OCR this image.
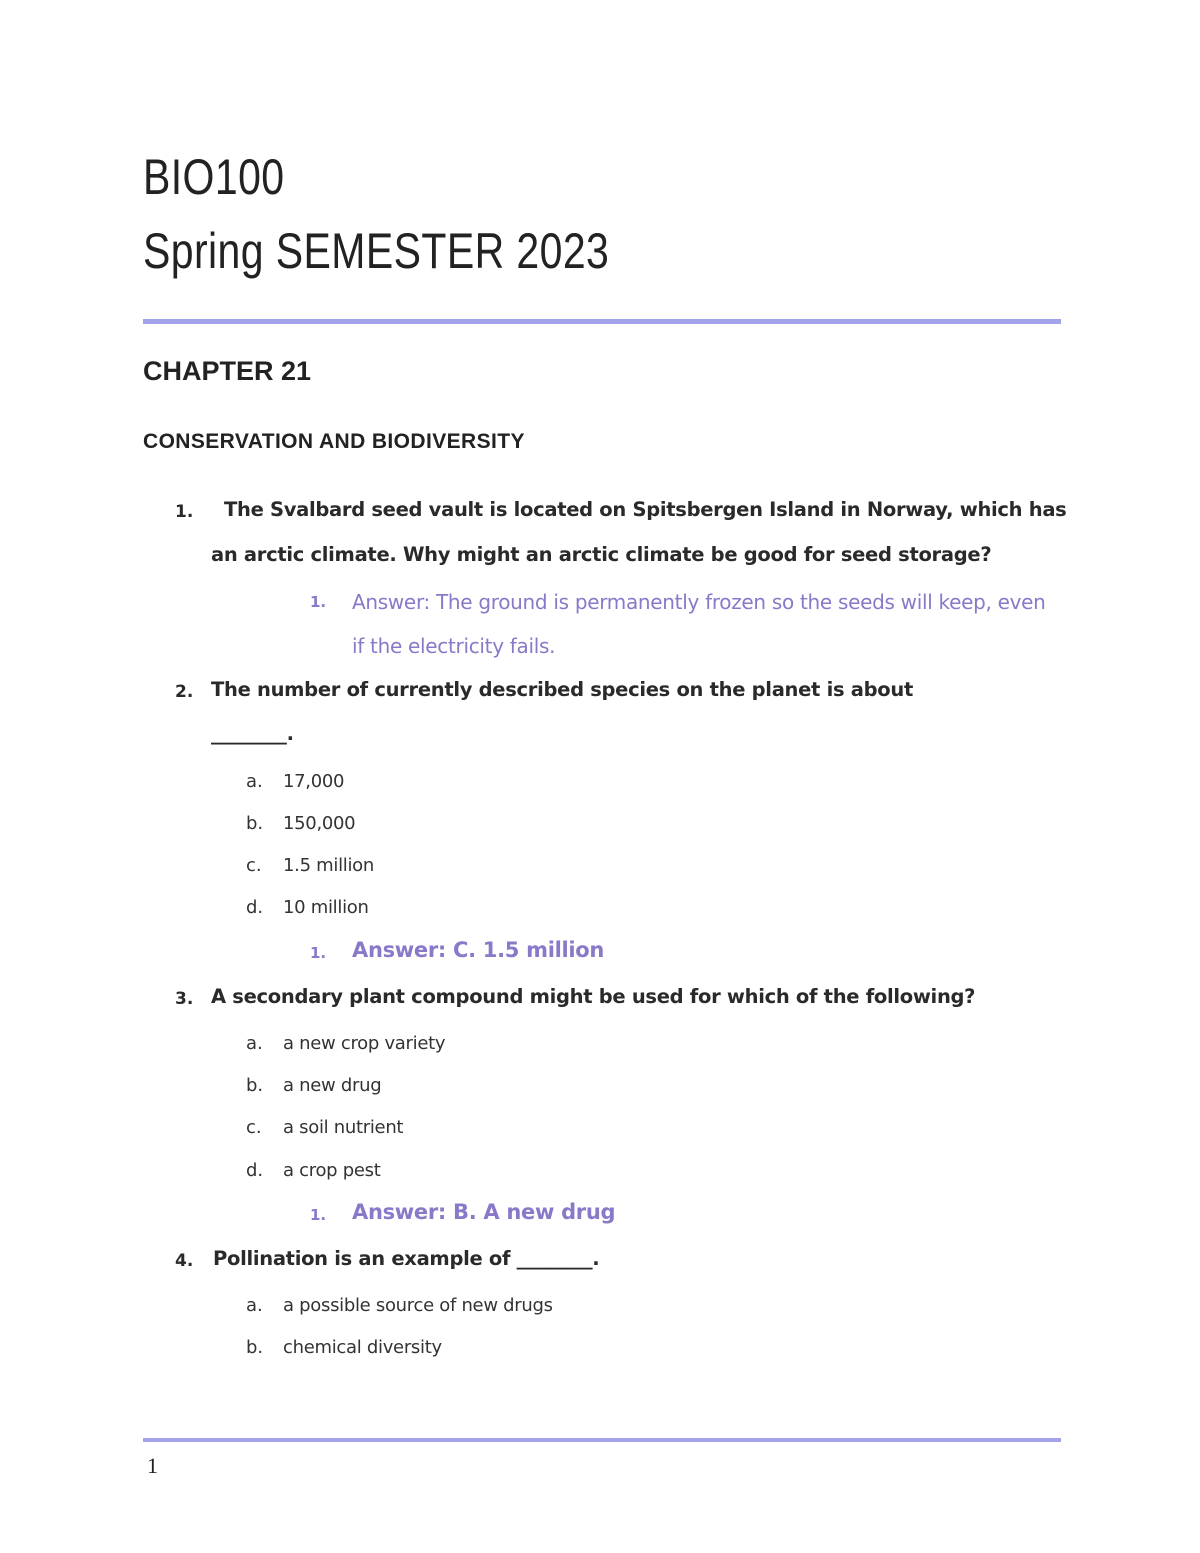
BIO100
Spring SEMESTER 2023
CHAPTER 21
CONSERVATION AND BIODIVERSITY
1. The Svalbard seed vault is located on Spitsbergen Island in Norway, which has
an arctic climate. Why might an arctic climate be good for seed storage?
1. Answer: The ground is permanently frozen so the seeds will keep, even
if the electricity fails.
2. The number of currently described species on the planet is about
________.
a. 17,000
b. 150,000
c. 1.5 million
d. 10 million
1. Answer: C. 1.5 million
3. A secondary plant compound might be used for which of the following?
a. a new crop variety
b. a new drug
c. a soil nutrient
d. a crop pest
1. Answer: B. A new drug
4. Pollination is an example of ________.
a. a possible source of new drugs
b. chemical diversity
1
